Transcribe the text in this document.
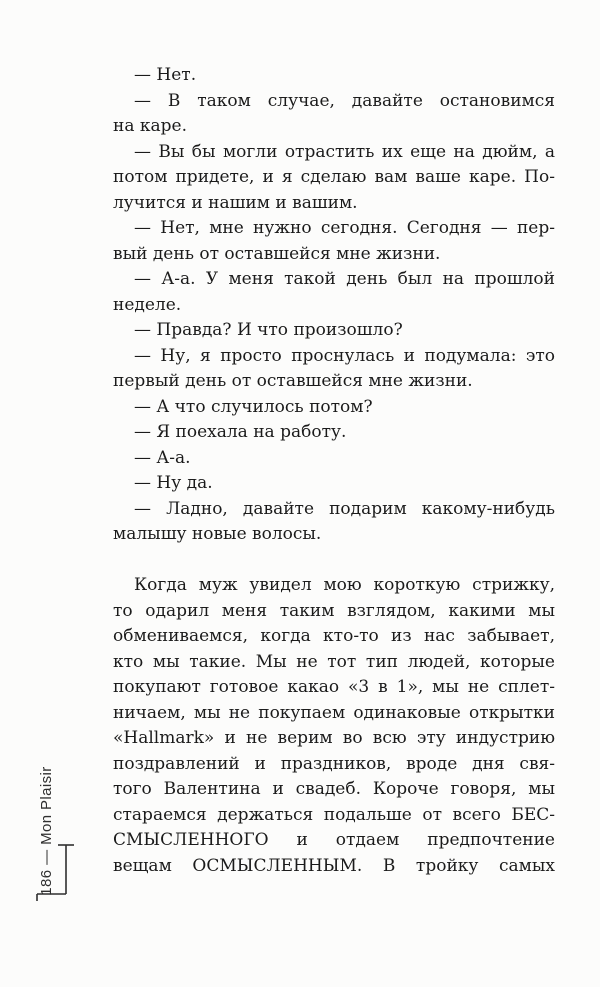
186 — Mon Plaisir
— Нет.
— В таком случае, давайте остановимся
на каре.
— Вы бы могли отрастить их еще на дюйм, а
потом придете, и я сделаю вам ваше каре. По-
лучится и нашим и вашим.
— Нет, мне нужно сегодня. Сегодня — пер-
вый день от оставшейся мне жизни.
— А-а. У меня такой день был на прошлой
неделе.
— Правда? И что произошло?
— Ну, я просто проснулась и подумала: это
первый день от оставшейся мне жизни.
— А что случилось потом?
— Я поехала на работу.
— А-а.
— Ну да.
— Ладно, давайте подарим какому-нибудь
малышу новые волосы.
Когда муж увидел мою короткую стрижку,
то одарил меня таким взглядом, какими мы
обмениваемся, когда кто-то из нас забывает,
кто мы такие. Мы не тот тип людей, которые
покупают готовое какао «3 в 1», мы не сплет-
ничаем, мы не покупаем одинаковые открытки
«Hallmark» и не верим во всю эту индустрию
поздравлений и праздников, вроде дня свя-
того Валентина и свадеб. Короче говоря, мы
стараемся держаться подальше от всего БЕС-
СМЫСЛЕННОГО и отдаем предпочтение
вещам ОСМЫСЛЕННЫМ. В тройку самых
